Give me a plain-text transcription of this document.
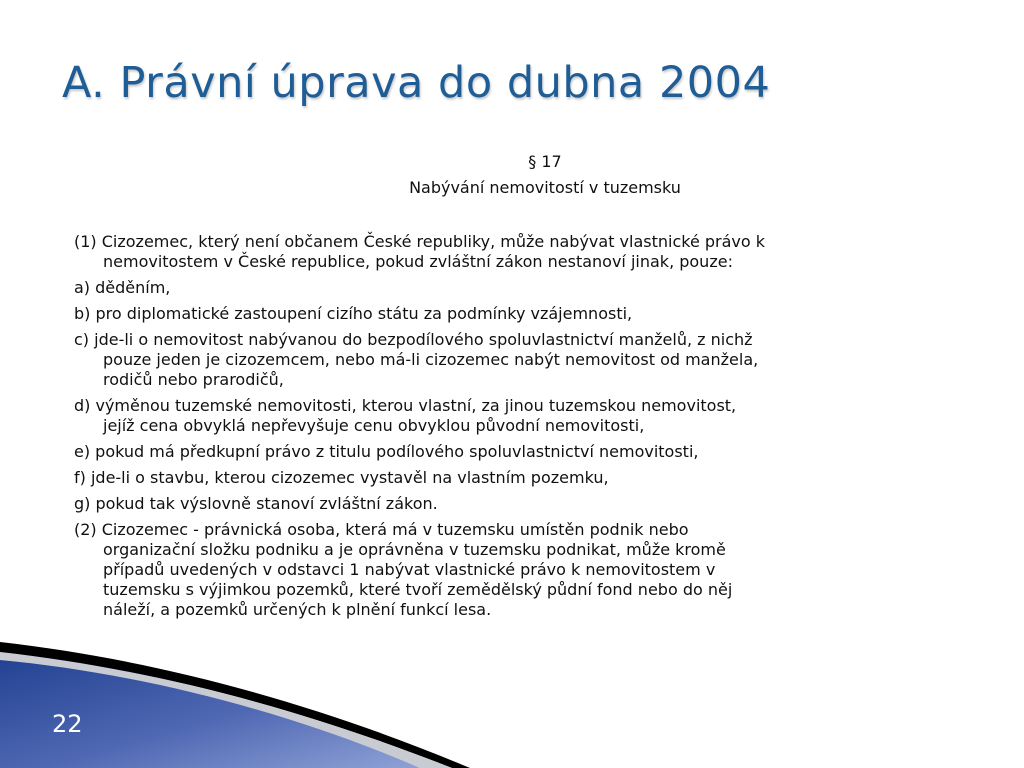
A. Právní úprava do dubna 2004

§ 17

Nabývání nemovitostí v tuzemsku

(1) Cizozemec, který není občanem České republiky, může nabývat vlastnické právo k
nemovitostem v České republice, pokud zvláštní zákon nestanoví jinak, pouze:

a) děděním,

b) pro diplomatické zastoupení cizího státu za podmínky vzájemnosti,

c) jde-li o nemovitost nabývanou do bezpodílového spoluvlastnictví manželů, z nichž
pouze jeden je cizozemcem, nebo má-li cizozemec nabýt nemovitost od manžela,
rodičů nebo prarodičů,

d) výměnou tuzemské nemovitosti, kterou vlastní, za jinou tuzemskou nemovitost,
jejíž cena obvyklá nepřevyšuje cenu obvyklou původní nemovitosti,

e) pokud má předkupní právo z titulu podílového spoluvlastnictví nemovitosti,

f) jde-li o stavbu, kterou cizozemec vystavěl na vlastním pozemku,

g) pokud tak výslovně stanoví zvláštní zákon.

(2) Cizozemec - právnická osoba, která má v tuzemsku umístěn podnik nebo
organizační složku podniku a je oprávněna v tuzemsku podnikat, může kromě
případů uvedených v odstavci 1 nabývat vlastnické právo k nemovitostem v
tuzemsku s výjimkou pozemků, které tvoří zemědělský půdní fond nebo do něj
náleží, a pozemků určených k plnění funkcí lesa.

22
